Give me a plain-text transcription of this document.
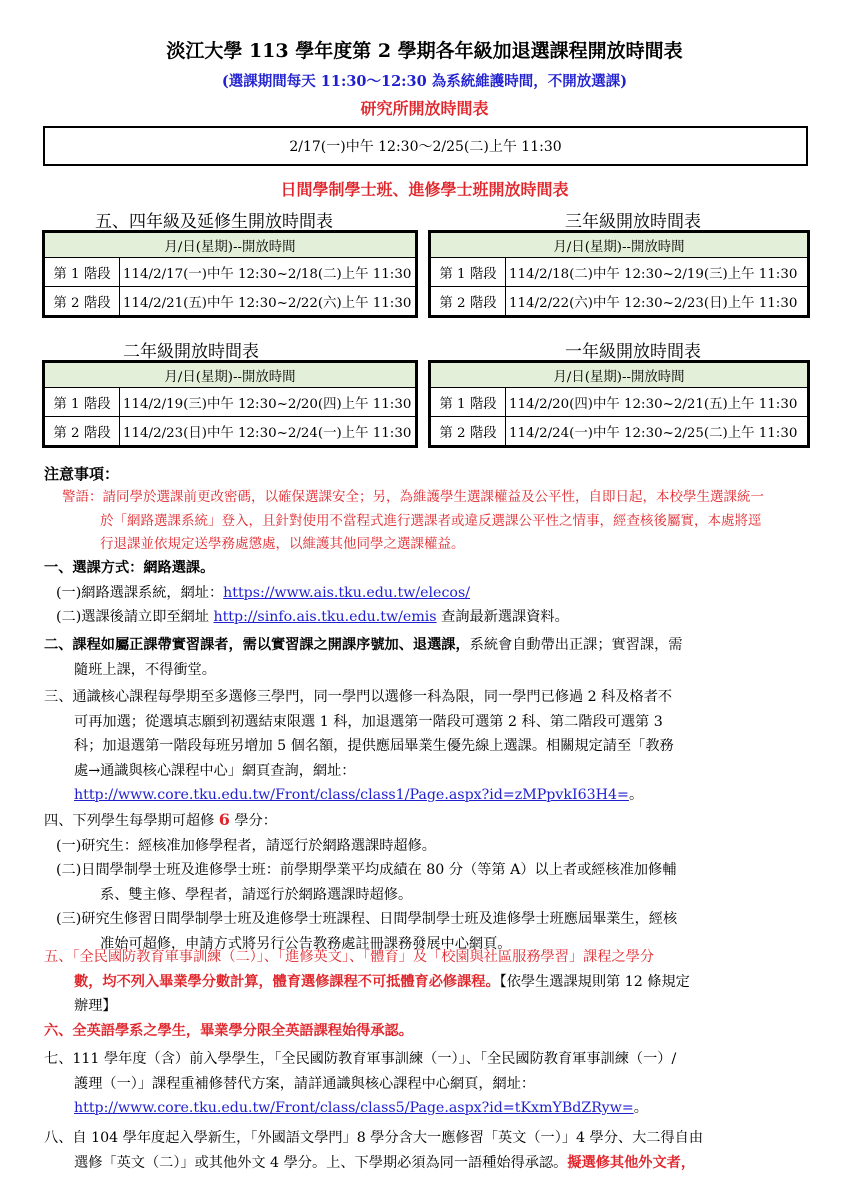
淡江大學 113 學年度第 2 學期各年級加退選課程開放時間表
(選課期間每天 11:30～12:30 為系統維護時間，不開放選課)
研究所開放時間表
2/17(一)中午 12:30～2/25(二)上午 11:30
日間學制學士班、進修學士班開放時間表
五、四年級及延修生開放時間表
月/日(星期)--開放時間	
第 1 階段	114/2/17(一)中午 12:30~2/18(二)上午 11:30
第 2 階段	114/2/21(五)中午 12:30~2/22(六)上午 11:30
三年級開放時間表
月/日(星期)--開放時間	
第 1 階段	114/2/18(二)中午 12:30~2/19(三)上午 11:30
第 2 階段	114/2/22(六)中午 12:30~2/23(日)上午 11:30
二年級開放時間表
月/日(星期)--開放時間	
第 1 階段	114/2/19(三)中午 12:30~2/20(四)上午 11:30
第 2 階段	114/2/23(日)中午 12:30~2/24(一)上午 11:30
一年級開放時間表
月/日(星期)--開放時間	
第 1 階段	114/2/20(四)中午 12:30~2/21(五)上午 11:30
第 2 階段	114/2/24(一)中午 12:30~2/25(二)上午 11:30
注意事項：
警語：請同學於選課前更改密碼，以確保選課安全；另，為維護學生選課權益及公平性，自即日起，本校學生選課統一
於「網路選課系統」登入，且針對使用不當程式進行選課者或違反選課公平性之情事，經查核後屬實，本處將逕
行退課並依規定送學務處懲處，以維護其他同學之選課權益。
一、選課方式：網路選課。
(一)網路選課系統，網址：https://www.ais.tku.edu.tw/elecos/
(二)選課後請立即至網址 http://sinfo.ais.tku.edu.tw/emis 查詢最新選課資料。
二、課程如屬正課帶實習課者，需以實習課之開課序號加、退選課，系統會自動帶出正課；實習課，需
隨班上課，不得衝堂。
三、通識核心課程每學期至多選修三學門，同一學門以選修一科為限，同一學門已修過 2 科及格者不
可再加選；從選填志願到初選結束限選 1 科，加退選第一階段可選第 2 科、第二階段可選第 3
科；加退選第一階段每班另增加 5 個名額，提供應屆畢業生優先線上選課。相關規定請至「教務
處→通識與核心課程中心」網頁查詢，網址：
http://www.core.tku.edu.tw/Front/class/class1/Page.aspx?id=zMPpvkI63H4=。
四、下列學生每學期可超修 6 學分：
(一)研究生：經核准加修學程者，請逕行於網路選課時超修。
(二)日間學制學士班及進修學士班：前學期學業平均成績在 80 分（等第 A）以上者或經核准加修輔
系、雙主修、學程者，請逕行於網路選課時超修。
(三)研究生修習日間學制學士班及進修學士班課程、日間學制學士班及進修學士班應屆畢業生，經核
准始可超修，申請方式將另行公告教務處註冊課務發展中心網頁。
五、「全民國防教育軍事訓練（二）」、「進修英文」、「體育」及「校園與社區服務學習」課程之學分
數，均不列入畢業學分數計算，體育選修課程不可抵體育必修課程。【依學生選課規則第 12 條規定
辦理】
六、全英語學系之學生，畢業學分限全英語課程始得承認。
七、111 學年度（含）前入學學生，「全民國防教育軍事訓練（一）」、「全民國防教育軍事訓練（一）/
護理（一）」課程重補修替代方案，請詳通識與核心課程中心網頁，網址：
http://www.core.tku.edu.tw/Front/class/class5/Page.aspx?id=tKxmYBdZRyw=。
八、自 104 學年度起入學新生，「外國語文學門」8 學分含大一應修習「英文（一）」4 學分、大二得自由
選修「英文（二）」或其他外文 4 學分。上、下學期必須為同一語種始得承認。擬選修其他外文者，
